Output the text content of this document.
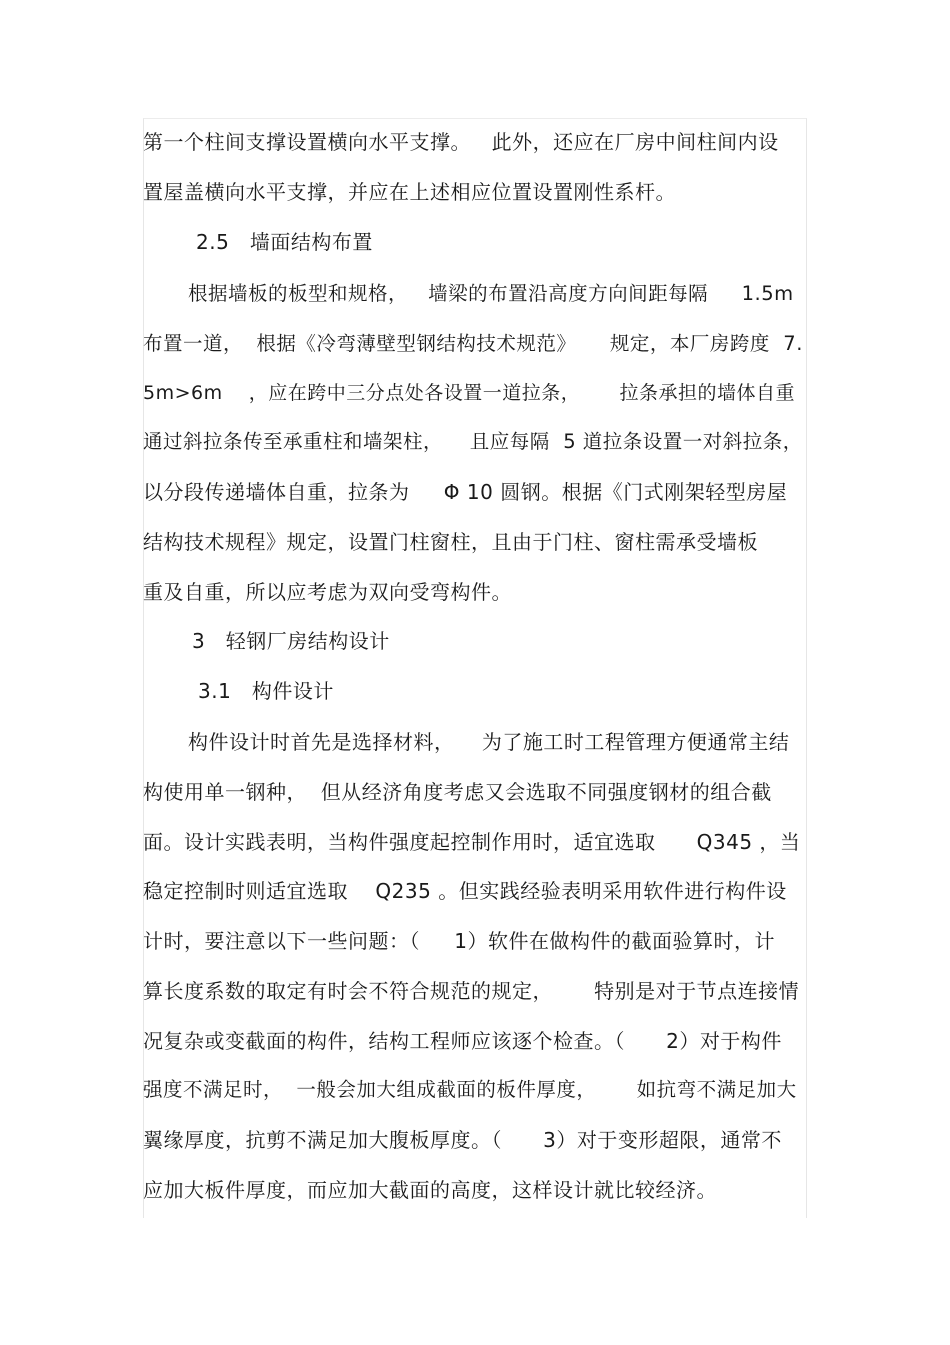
第一个柱间支撑设置横向水平支撑。   此外，还应在厂房中间柱间内设
置屋盖横向水平支撑，并应在上述相应位置设置刚性系杆。
2.5   墙面结构布置
根据墙板的板型和规格，   墙梁的布置沿高度方向间距每隔     1.5m
布置一道，  根据《冷弯薄壁型钢结构技术规范》     规定，本厂房跨度  7.
5m>6m    ，应在跨中三分点处各设置一道拉条，      拉条承担的墙体自重
通过斜拉条传至承重柱和墙架柱，    且应每隔  5 道拉条设置一对斜拉条，
以分段传递墙体自重，拉条为     Φ 10 圆钢。根据《门式刚架轻型房屋
结构技术规程》规定，设置门柱窗柱，且由于门柱、窗柱需承受墙板
重及自重，所以应考虑为双向受弯构件。
3   轻钢厂房结构设计
3.1   构件设计
构件设计时首先是选择材料，    为了施工时工程管理方便通常主结
构使用单一钢种，  但从经济角度考虑又会选取不同强度钢材的组合截
面。设计实践表明，当构件强度起控制作用时，适宜选取      Q345 ，当
稳定控制时则适宜选取    Q235 。但实践经验表明采用软件进行构件设
计时，要注意以下一些问题：（     1）软件在做构件的截面验算时，计
算长度系数的取定有时会不符合规范的规定，      特别是对于节点连接情
况复杂或变截面的构件，结构工程师应该逐个检查。（      2）对于构件
强度不满足时，  一般会加大组成截面的板件厚度，      如抗弯不满足加大
翼缘厚度，抗剪不满足加大腹板厚度。（      3）对于变形超限，通常不
应加大板件厚度，而应加大截面的高度，这样设计就比较经济。
